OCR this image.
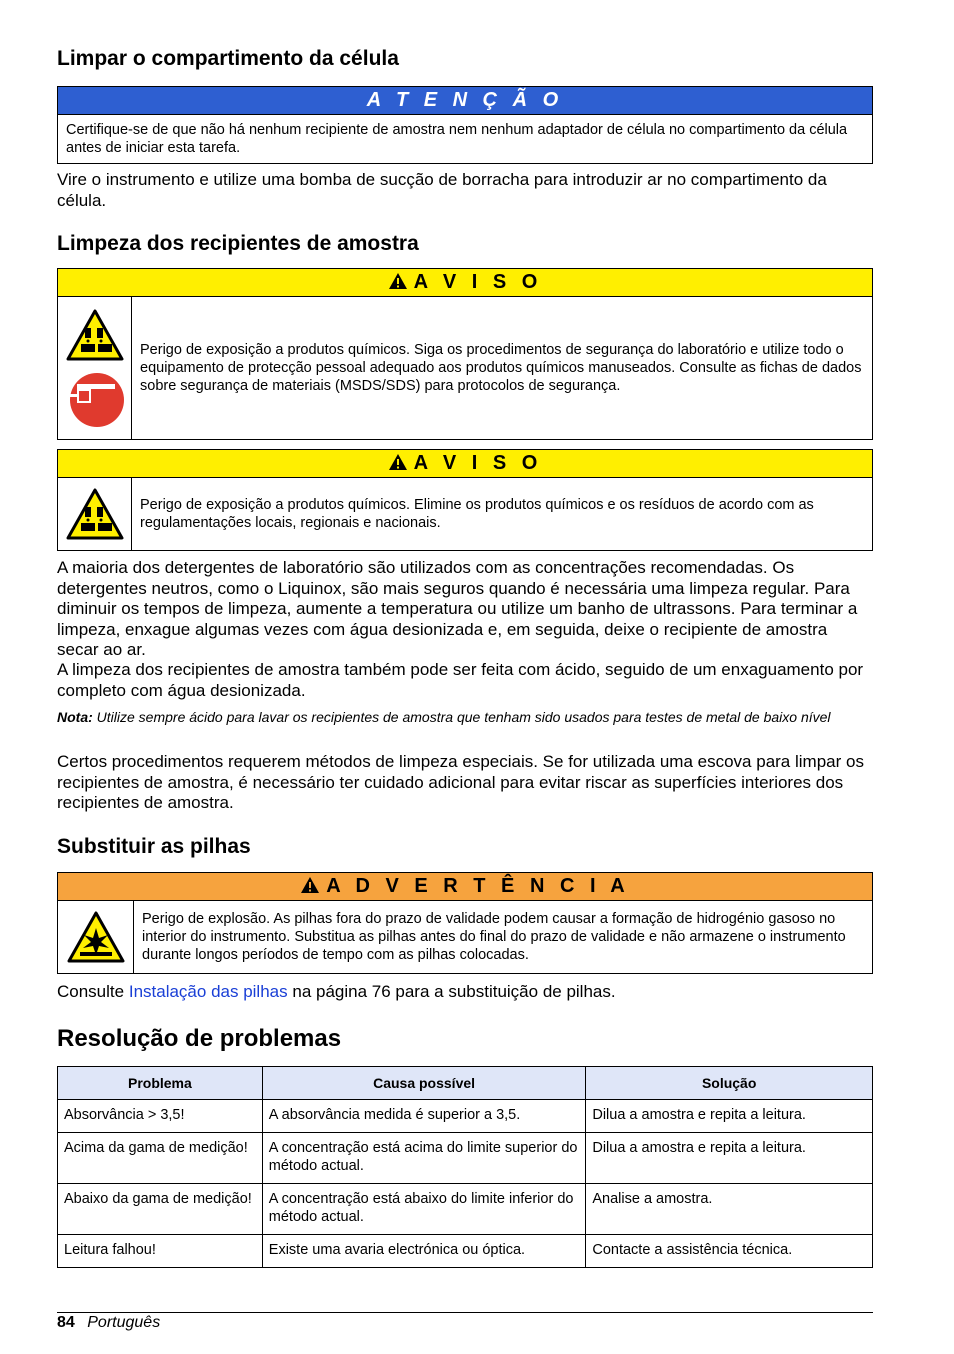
Limpar o compartimento da célula
A T E N Ç Ã O
Certifique-se de que não há nenhum recipiente de amostra nem nenhum adaptador de célula no compartimento da célula antes de iniciar esta tarefa.

Vire o instrumento e utilize uma bomba de sucção de borracha para introduzir ar no compartimento da célula.

Limpeza dos recipientes de amostra
A V I S O
Perigo de exposição a produtos químicos. Siga os procedimentos de segurança do laboratório e utilize todo o equipamento de protecção pessoal adequado aos produtos químicos manuseados. Consulte as fichas de dados sobre segurança de materiais (MSDS/SDS) para protocolos de segurança.
A V I S O
Perigo de exposição a produtos químicos. Elimine os produtos químicos e os resíduos de acordo com as regulamentações locais, regionais e nacionais.

A maioria dos detergentes de laboratório são utilizados com as concentrações recomendadas. Os detergentes neutros, como o Liquinox, são mais seguros quando é necessária uma limpeza regular. Para diminuir os tempos de limpeza, aumente a temperatura ou utilize um banho de ultrassons. Para terminar a limpeza, enxague algumas vezes com água desionizada e, em seguida, deixe o recipiente de amostra secar ao ar.

A limpeza dos recipientes de amostra também pode ser feita com ácido, seguido de um enxaguamento por completo com água desionizada.

Nota: Utilize sempre ácido para lavar os recipientes de amostra que tenham sido usados para testes de metal de baixo nível

Certos procedimentos requerem métodos de limpeza especiais. Se for utilizada uma escova para limpar os recipientes de amostra, é necessário ter cuidado adicional para evitar riscar as superfícies interiores dos recipientes de amostra.

Substituir as pilhas
A D V E R T Ê N C I A
Perigo de explosão. As pilhas fora do prazo de validade podem causar a formação de hidrogénio gasoso no interior do instrumento. Substitua as pilhas antes do final do prazo de validade e não armazene o instrumento durante longos períodos de tempo com as pilhas colocadas.

Consulte Instalação das pilhas na página 76 para a substituição de pilhas.

Resolução de problemas
Problema	Causa possível	Solução
Absorvância > 3,5!	A absorvância medida é superior a 3,5.	Dilua a amostra e repita a leitura.
Acima da gama de medição!	A concentração está acima do limite superior do método actual.	Dilua a amostra e repita a leitura.
Abaixo da gama de medição!	A concentração está abaixo do limite inferior do método actual.	Analise a amostra.
Leitura falhou!	Existe uma avaria electrónica ou óptica.	Contacte a assistência técnica.
84 Português
